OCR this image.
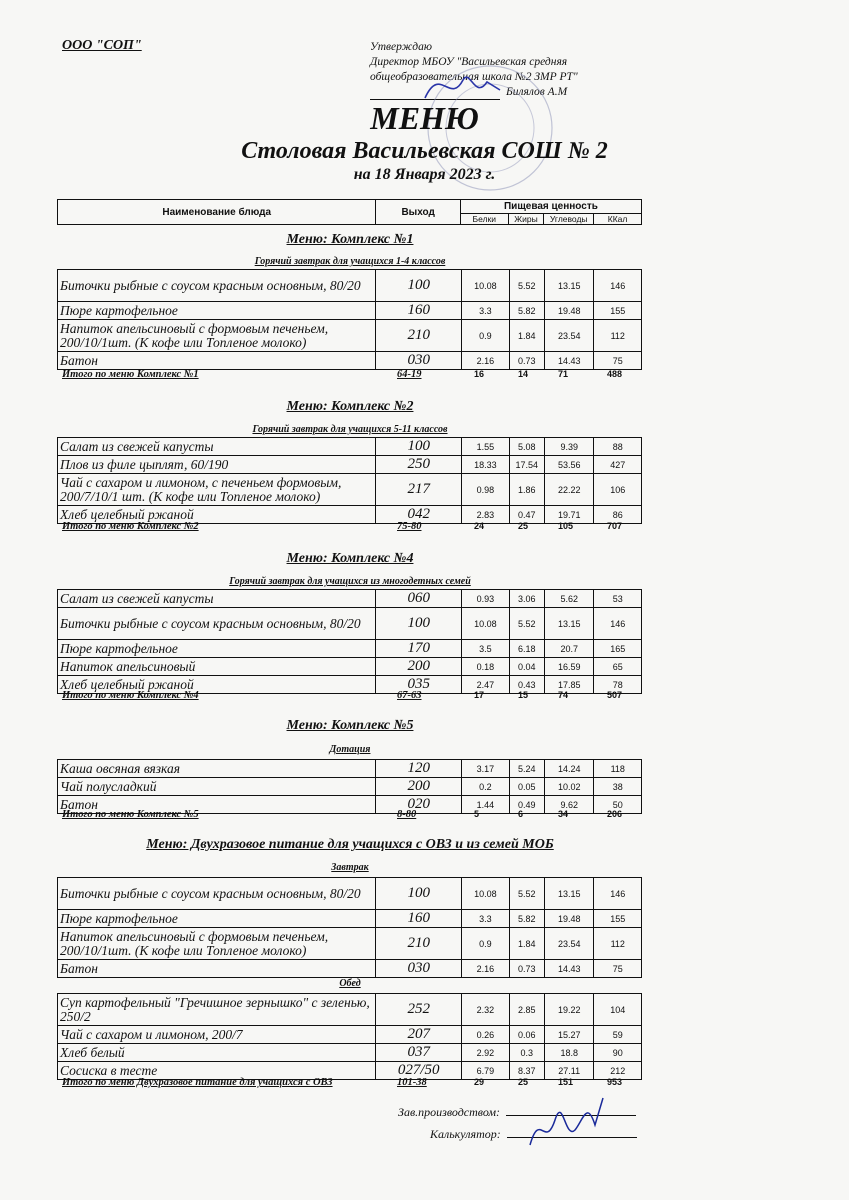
ООО "СОП"	Утверждаю
Директор МБОУ "Васильевская средняя
общеобразовательная школа №2 ЗМР РТ"
Билялов А.М
МЕНЮ
Столовая Васильевская СОШ № 2
на 18 Января 2023 г.
Наименование блюда	Выход	Пищевая ценность			
		Белки	Жиры	Углеводы	ККал
Меню: Комплекс №1
Горячий завтрак для учащихся 1-4 классов
Биточки рыбные с соусом красным основным, 80/20	100	10.08	5.52	13.15	146
Пюре картофельное	160	3.3	5.82	19.48	155
Напиток апельсиновый с формовым печеньем, 200/10/1шт. (К кофе или Топленое молоко)	210	0.9	1.84	23.54	112
Батон	030	2.16	0.73	14.43	75
Итого по меню Комплекс №1	64-19	16	14	71	488
Меню: Комплекс №2
Горячий завтрак для учащихся 5-11 классов
Салат из свежей капусты	100	1.55	5.08	9.39	88
Плов из филе цыплят, 60/190	250	18.33	17.54	53.56	427
Чай с сахаром и лимоном, с печеньем формовым, 200/7/10/1 шт. (К кофе или Топленое молоко)	217	0.98	1.86	22.22	106
Хлеб целебный ржаной	042	2.83	0.47	19.71	86
Итого по меню Комплекс №2	75-80	24	25	105	707
Меню: Комплекс №4
Горячий завтрак для учащихся из многодетных семей
Салат из свежей капусты	060	0.93	3.06	5.62	53
Биточки рыбные с соусом красным основным, 80/20	100	10.08	5.52	13.15	146
Пюре картофельное	170	3.5	6.18	20.7	165
Напиток апельсиновый	200	0.18	0.04	16.59	65
Хлеб целебный ржаной	035	2.47	0.43	17.85	78
Итого по меню Комплекс №4	67-63	17	15	74	507
Меню: Комплекс №5
Дотация
Каша овсяная вязкая	120	3.17	5.24	14.24	118
Чай полусладкий	200	0.2	0.05	10.02	38
Батон	020	1.44	0.49	9.62	50
Итого по меню Комплекс №5	8-80	5	6	34	206
Меню: Двухразовое питание для учащихся с ОВЗ и из семей МОБ
Завтрак
Биточки рыбные с соусом красным основным, 80/20	100	10.08	5.52	13.15	146
Пюре картофельное	160	3.3	5.82	19.48	155
Напиток апельсиновый с формовым печеньем, 200/10/1шт. (К кофе или Топленое молоко)	210	0.9	1.84	23.54	112
Батон	030	2.16	0.73	14.43	75
Обед
Суп картофельный "Гречишное зернышко" с зеленью, 250/2	252	2.32	2.85	19.22	104
Чай с сахаром и лимоном, 200/7	207	0.26	0.06	15.27	59
Хлеб белый	037	2.92	0.3	18.8	90
Сосиска в тесте	027/50	6.79	8.37	27.11	212
Итого по меню Двухразовое питание для учащихся с ОВЗ	101-38	29	25	151	953
Зав.производством:
Калькулятор:
